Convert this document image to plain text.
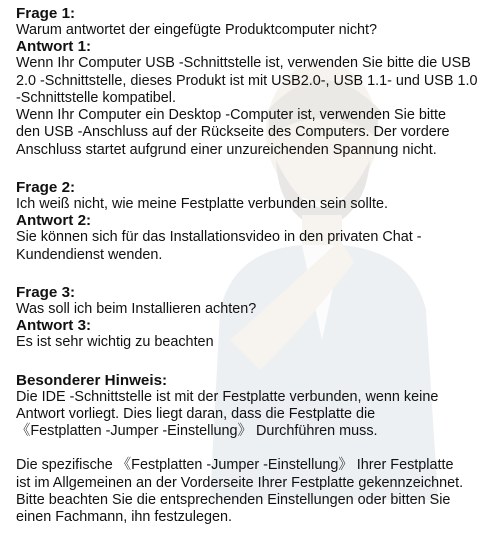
Frage 1:
Warum antwortet der eingefügte Produktcomputer nicht?
Antwort 1:
Wenn Ihr Computer USB -Schnittstelle ist, verwenden Sie bitte die USB
2.0 -Schnittstelle, dieses Produkt ist mit USB2.0-, USB 1.1- und USB 1.0
-Schnittstelle kompatibel.
Wenn Ihr Computer ein Desktop -Computer ist, verwenden Sie bitte
den USB -Anschluss auf der Rückseite des Computers. Der vordere
Anschluss startet aufgrund einer unzureichenden Spannung nicht.
Frage 2:
Ich weiß nicht, wie meine Festplatte verbunden sein sollte.
Antwort 2:
Sie können sich für das Installationsvideo in den privaten Chat -
Kundendienst wenden.
Frage 3:
Was soll ich beim Installieren achten?
Antwort 3:
Es ist sehr wichtig zu beachten
Besonderer Hinweis:
Die IDE -Schnittstelle ist mit der Festplatte verbunden, wenn keine
Antwort vorliegt. Dies liegt daran, dass die Festplatte die
《Festplatten -Jumper -Einstellung》 Durchführen muss.
Die spezifische 《Festplatten -Jumper -Einstellung》 Ihrer Festplatte
ist im Allgemeinen an der Vorderseite Ihrer Festplatte gekennzeichnet.
Bitte beachten Sie die entsprechenden Einstellungen oder bitten Sie
einen Fachmann, ihn festzulegen.
